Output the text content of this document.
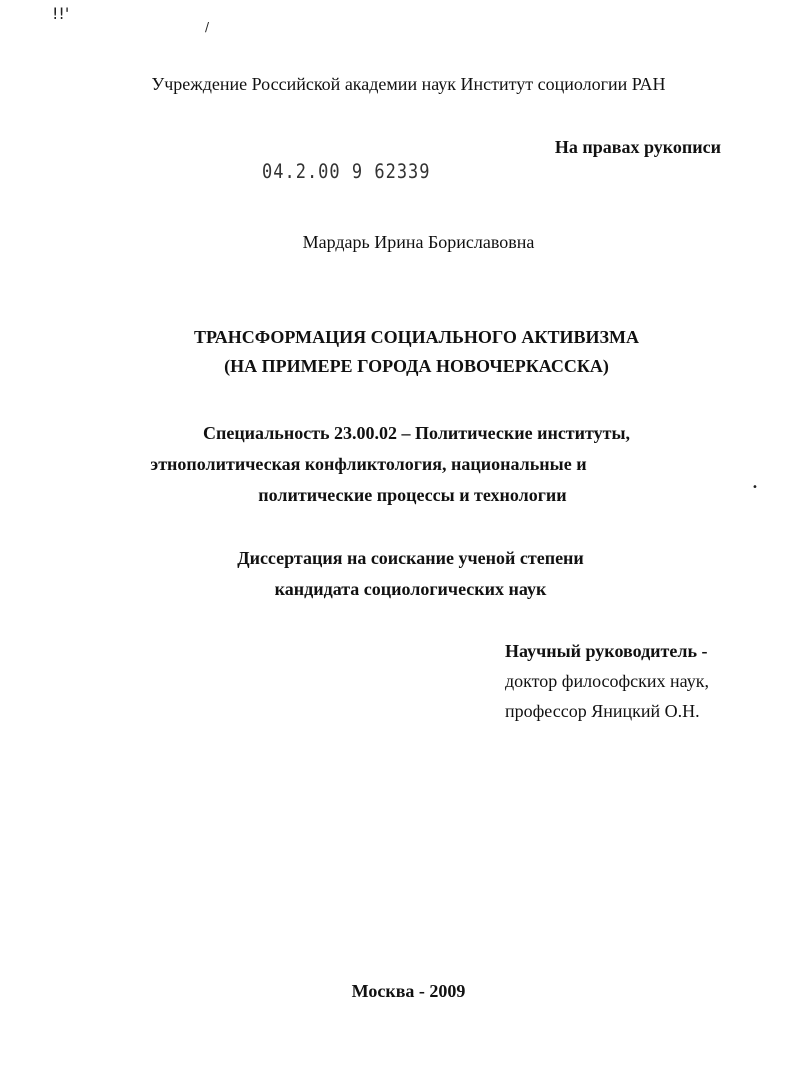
!!'
/
•
Учреждение Российской академии наук Институт социологии РАН
На правах рукописи
04.2.00 9 62339
Мардарь Ирина Бориславовна
ТРАНСФОРМАЦИЯ СОЦИАЛЬНОГО АКТИВИЗМА
(НА ПРИМЕРЕ ГОРОДА НОВОЧЕРКАССКА)
Специальность 23.00.02 – Политические институты,
этнополитическая конфликтология, национальные и
политические процессы и технологии
Диссертация на соискание ученой степени
кандидата социологических наук
Научный руководитель -
доктор философских наук,
профессор Яницкий О.Н.
Москва - 2009
